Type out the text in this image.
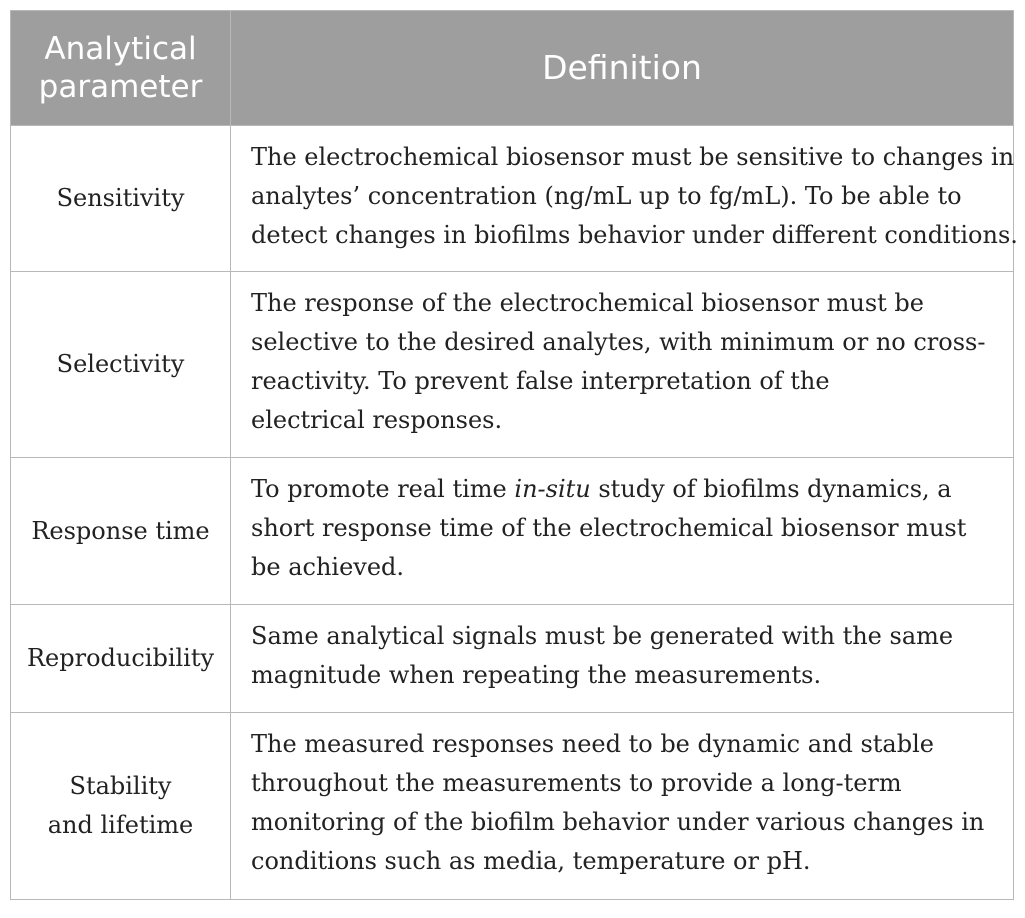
Analytical
parameter	Definition
Sensitivity	The electrochemical biosensor must be sensitive to changes in
analytes’ concentration (ng/mL up to fg/mL). To be able to
detect changes in biofilms behavior under different conditions.

Selectivity	The response of the electrochemical biosensor must be
selective to the desired analytes, with minimum or no cross-
reactivity. To prevent false interpretation of the
electrical responses.

Response time	To promote real time in-situ study of biofilms dynamics, a
short response time of the electrochemical biosensor must
be achieved.

Reproducibility	Same analytical signals must be generated with the same
magnitude when repeating the measurements.

Stability
and lifetime	The measured responses need to be dynamic and stable
throughout the measurements to provide a long-term
monitoring of the biofilm behavior under various changes in
conditions such as media, temperature or pH.
